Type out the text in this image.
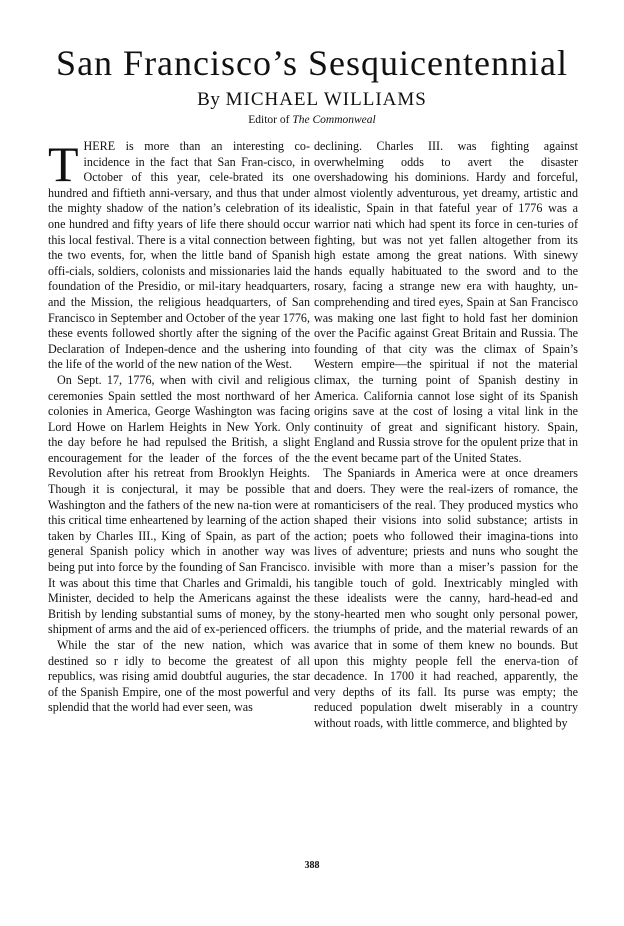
San Francisco’s Sesquicentennial
By MICHAEL WILLIAMS
Editor of The Commonweal

THERE is more than an interesting co-incidence in the fact that San Fran-cisco, in October of this year, cele-brated its one hundred and fiftieth anni-versary, and thus that under the mighty shadow of the nation’s celebration of its one hundred and fifty years of life there should occur this local festival. There is a vital connection between the two events, for, when the little band of Spanish offi-cials, soldiers, colonists and missionaries laid the foundation of the Presidio, or mil-itary headquarters, and the Mission, the religious headquarters, of San Francisco in September and October of the year 1776, these events followed shortly after the signing of the Declaration of Indepen-dence and the ushering into the life of the world of the new nation of the West.

On Sept. 17, 1776, when with civil and religious ceremonies Spain settled the most northward of her colonies in America, George Washington was facing Lord Howe on Harlem Heights in New York. Only the day before he had repulsed the British, a slight encouragement for the leader of the forces of the Revolution after his retreat from Brooklyn Heights. Though it is conjectural, it may be possible that Washington and the fathers of the new na-tion were at this critical time enheartened by learning of the action taken by Charles III., King of Spain, as part of the general Spanish policy which in another way was being put into force by the founding of San Francisco. It was about this time that Charles and Grimaldi, his Minister, decided to help the Americans against the British by lending substantial sums of money, by the shipment of arms and the aid of ex-perienced officers.

While the star of the new nation, which was destined so r idly to become the greatest of all republics, was rising amid doubtful auguries, the star of the Spanish Empire, one of the most powerful and splendid that the world had ever seen, was

declining. Charles III. was fighting against overwhelming odds to avert the disaster overshadowing his dominions. Hardy and forceful, almost violently adventurous, yet dreamy, artistic and idealistic, Spain in that fateful year of 1776 was a warrior nati which had spent its force in cen-turies of fighting, but was not yet fallen altogether from its high estate among the great nations. With sinewy hands equally habituated to the sword and to the rosary, facing a strange new era with haughty, un-comprehending and tired eyes, Spain at San Francisco was making one last fight to hold fast her dominion over the Pacific against Great Britain and Russia. The founding of that city was the climax of Spain’s Western empire—the spiritual if not the material climax, the turning point of Spanish destiny in America. California cannot lose sight of its Spanish origins save at the cost of losing a vital link in the continuity of great and significant history. Spain, England and Russia strove for the opulent prize that in the event became part of the United States.

The Spaniards in America were at once dreamers and doers. They were the real-izers of romance, the romanticisers of the real. They produced mystics who shaped their visions into solid substance; artists in action; poets who followed their imagina-tions into lives of adventure; priests and nuns who sought the invisible with more than a miser’s passion for the tangible touch of gold. Inextricably mingled with these idealists were the canny, hard-head-ed and stony-hearted men who sought only personal power, the triumphs of pride, and the material rewards of an avarice that in some of them knew no bounds. But upon this mighty people fell the enerva-tion of decadence. In 1700 it had reached, apparently, the very depths of its fall. Its purse was empty; the reduced population dwelt miserably in a country without roads, with little commerce, and blighted by

388
